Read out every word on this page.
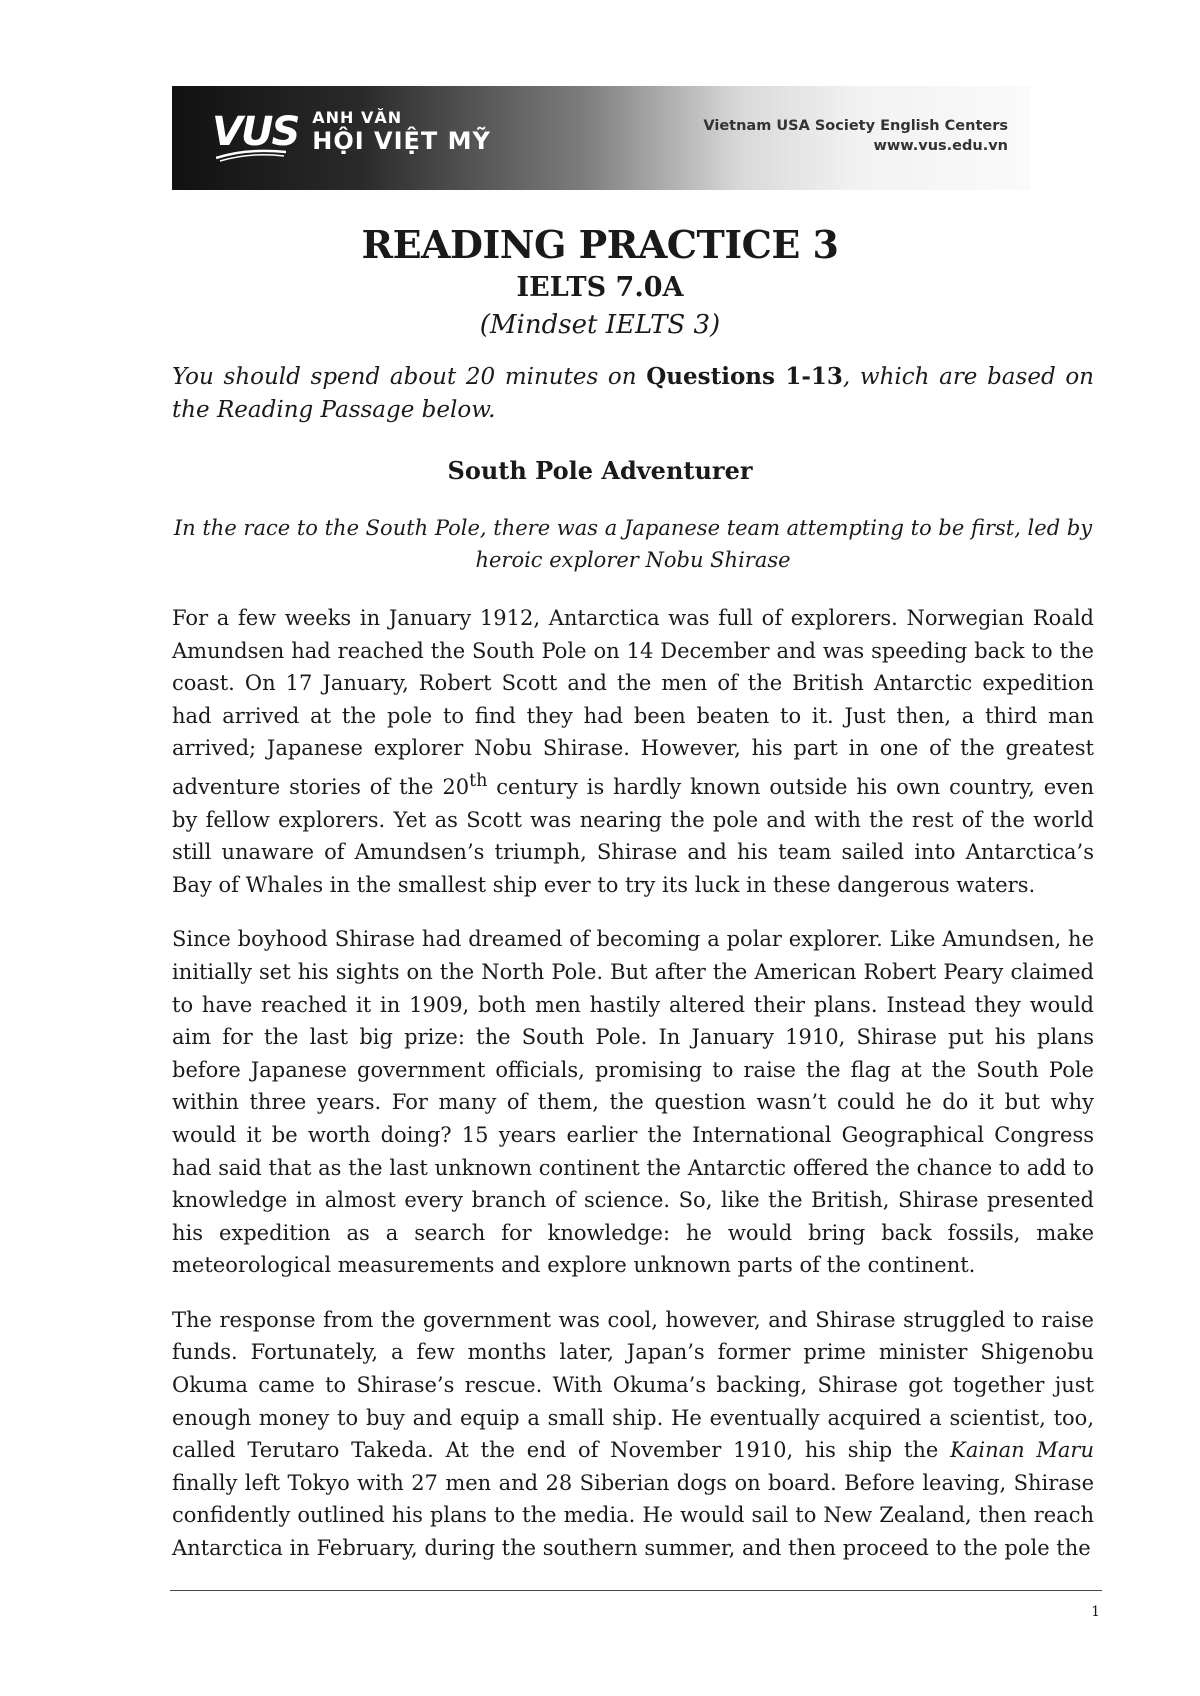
VUS ANH VĂN
HỘI VIỆT MỸ
Vietnam USA Society English Centers
www.vus.edu.vn
READING PRACTICE 3
IELTS 7.0A
(Mindset IELTS 3)
You should spend about 20 minutes on Questions 1-13, which are based on the Reading Passage below.
South Pole Adventurer
In the race to the South Pole, there was a Japanese team attempting to be first, led by heroic explorer Nobu Shirase

For a few weeks in January 1912, Antarctica was full of explorers. Norwegian Roald Amundsen had reached the South Pole on 14 December and was speeding back to the coast. On 17 January, Robert Scott and the men of the British Antarctic expedition had arrived at the pole to find they had been beaten to it. Just then, a third man arrived; Japanese explorer Nobu Shirase. However, his part in one of the greatest adventure stories of the 20th century is hardly known outside his own country, even by fellow explorers. Yet as Scott was nearing the pole and with the rest of the world still unaware of Amundsen’s triumph, Shirase and his team sailed into Antarctica’s Bay of Whales in the smallest ship ever to try its luck in these dangerous waters.

Since boyhood Shirase had dreamed of becoming a polar explorer. Like Amundsen, he initially set his sights on the North Pole. But after the American Robert Peary claimed to have reached it in 1909, both men hastily altered their plans. Instead they would aim for the last big prize: the South Pole. In January 1910, Shirase put his plans before Japanese government officials, promising to raise the flag at the South Pole within three years. For many of them, the question wasn’t could he do it but why would it be worth doing? 15 years earlier the International Geographical Congress had said that as the last unknown continent the Antarctic offered the chance to add to knowledge in almost every branch of science. So, like the British, Shirase presented his expedition as a search for knowledge: he would bring back fossils, make meteorological measurements and explore unknown parts of the continent.

The response from the government was cool, however, and Shirase struggled to raise funds. Fortunately, a few months later, Japan’s former prime minister Shigenobu Okuma came to Shirase’s rescue. With Okuma’s backing, Shirase got together just enough money to buy and equip a small ship. He eventually acquired a scientist, too, called Terutaro Takeda. At the end of November 1910, his ship the Kainan Maru finally left Tokyo with 27 men and 28 Siberian dogs on board. Before leaving, Shirase confidently outlined his plans to the media. He would sail to New Zealand, then reach Antarctica in February, during the southern summer, and then proceed to the pole the

1
